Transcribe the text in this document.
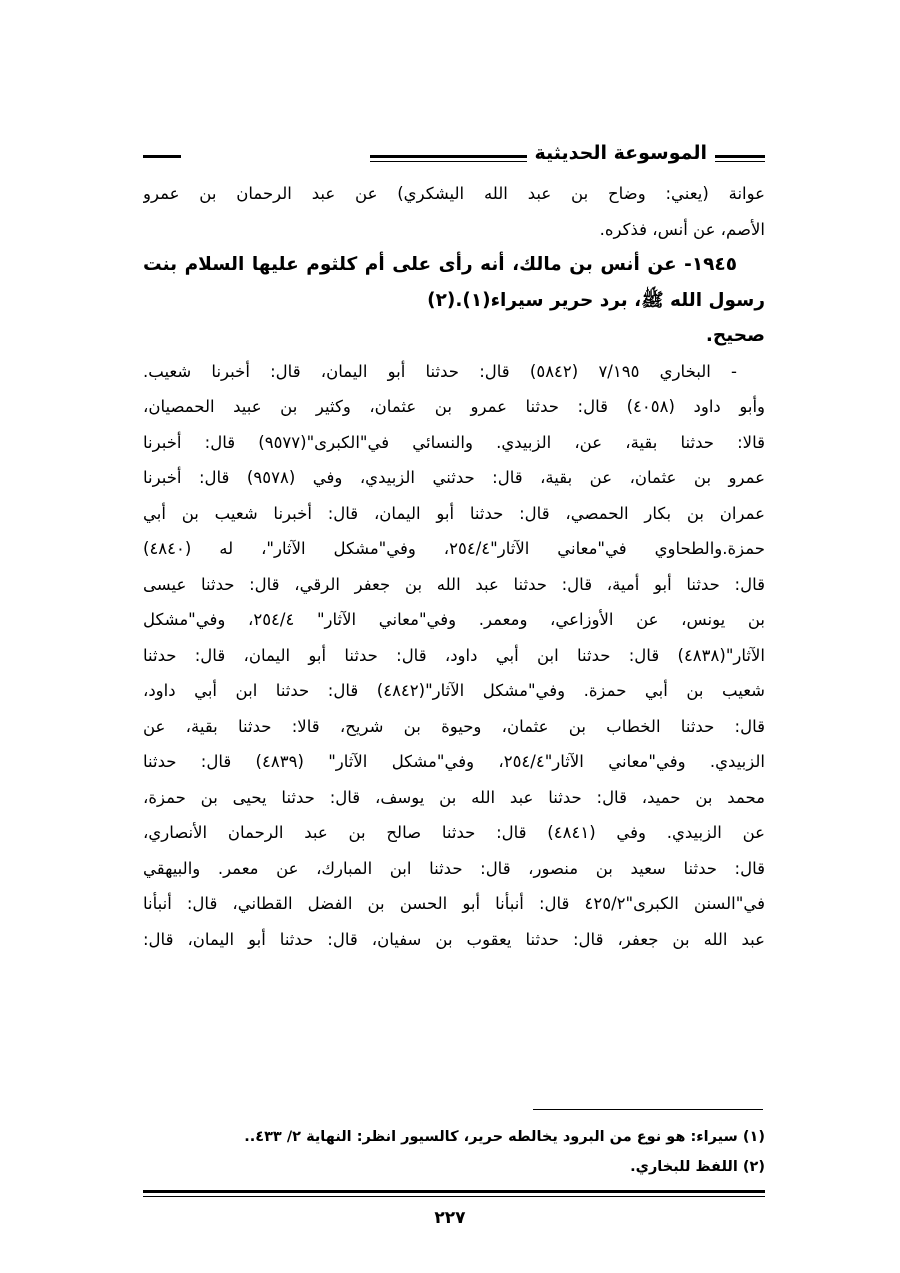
الموسوعة الحديثية
عوانة (يعني: وضاح بن عبد الله اليشكري) عن عبد الرحمان بن عمرو
الأصم، عن أنس، فذكره.
١٩٤٥- عن أنس بن مالك، أنه رأى على أم كلثوم عليها السلام بنت
رسول الله ﷺ، برد حرير سيراء(١).(٢)
صحيح.
- البخاري ٧/١٩٥ (٥٨٤٢) قال: حدثنا أبو اليمان، قال: أخبرنا شعيب.
وأبو داود (٤٠٥٨) قال: حدثنا عمرو بن عثمان، وكثير بن عبيد الحمصيان،
قالا: حدثنا بقية، عن، الزبيدي. والنسائي في"الكبرى"(٩٥٧٧) قال: أخبرنا
عمرو بن عثمان، عن بقية، قال: حدثني الزبيدي، وفي (٩٥٧٨) قال: أخبرنا
عمران بن بكار الحمصي، قال: حدثنا أبو اليمان، قال: أخبرنا شعيب بن أبي
حمزة.والطحاوي في"معاني الآثار"٢٥٤/٤، وفي"مشكل الآثار"، له (٤٨٤٠)
قال: حدثنا أبو أمية، قال: حدثنا عبد الله بن جعفر الرقي، قال: حدثنا عيسى
بن يونس، عن الأوزاعي، ومعمر. وفي"معاني الآثار" ٢٥٤/٤، وفي"مشكل
الآثار"(٤٨٣٨) قال: حدثنا ابن أبي داود، قال: حدثنا أبو اليمان، قال: حدثنا
شعيب بن أبي حمزة. وفي"مشكل الآثار"(٤٨٤٢) قال: حدثنا ابن أبي داود،
قال: حدثنا الخطاب بن عثمان، وحيوة بن شريح، قالا: حدثنا بقية، عن
الزبيدي. وفي"معاني الآثار"٢٥٤/٤، وفي"مشكل الآثار" (٤٨٣٩) قال: حدثنا
محمد بن حميد، قال: حدثنا عبد الله بن يوسف، قال: حدثنا يحيى بن حمزة،
عن الزبيدي. وفي (٤٨٤١) قال: حدثنا صالح بن عبد الرحمان الأنصاري،
قال: حدثنا سعيد بن منصور، قال: حدثنا ابن المبارك، عن معمر. والبيهقي
في"السنن الكبرى"٤٢٥/٢ قال: أنبأنا أبو الحسن بن الفضل القطاني، قال: أنبأنا
عبد الله بن جعفر، قال: حدثنا يعقوب بن سفيان، قال: حدثنا أبو اليمان، قال:
(١) سيراء: هو نوع من البرود يخالطه حرير، كالسيور انظر: النهاية ٢/ ٤٣٣..
(٢) اللفظ للبخاري.
٢٢٧
